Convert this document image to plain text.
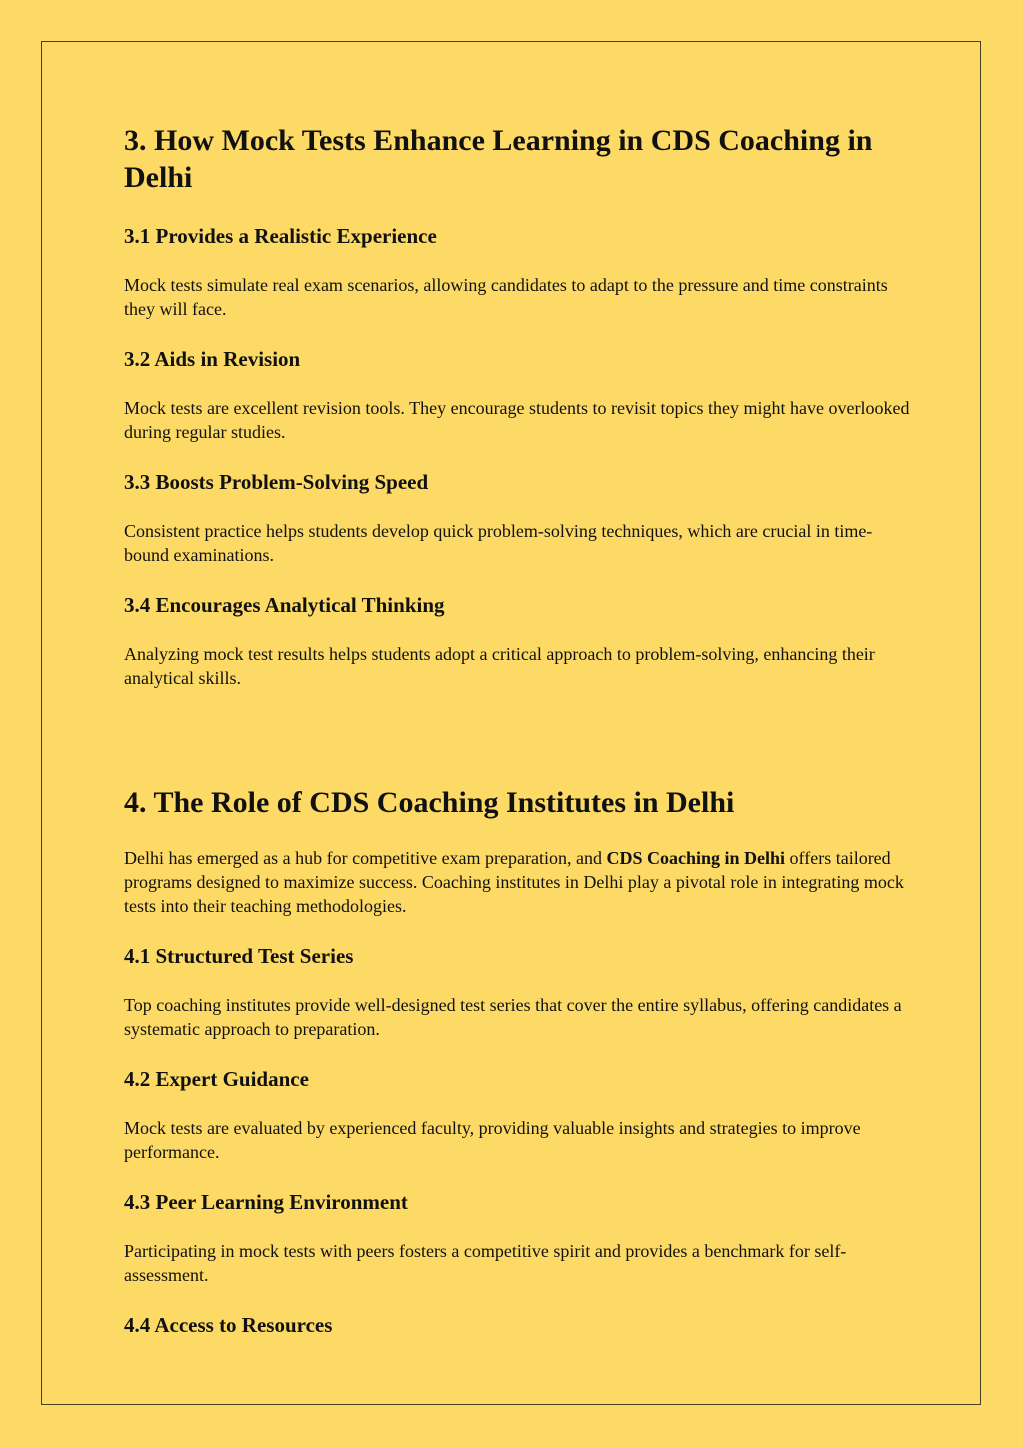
3. How Mock Tests Enhance Learning in CDS Coaching in Delhi
3.1 Provides a Realistic Experience

Mock tests simulate real exam scenarios, allowing candidates to adapt to the pressure and time constraints they will face.

3.2 Aids in Revision

Mock tests are excellent revision tools. They encourage students to revisit topics they might have overlooked during regular studies.

3.3 Boosts Problem-Solving Speed

Consistent practice helps students develop quick problem-solving techniques, which are crucial in time-bound examinations.

3.4 Encourages Analytical Thinking

Analyzing mock test results helps students adopt a critical approach to problem-solving, enhancing their analytical skills.

4. The Role of CDS Coaching Institutes in Delhi

Delhi has emerged as a hub for competitive exam preparation, and CDS Coaching in Delhi offers tailored programs designed to maximize success. Coaching institutes in Delhi play a pivotal role in integrating mock tests into their teaching methodologies.

4.1 Structured Test Series

Top coaching institutes provide well-designed test series that cover the entire syllabus, offering candidates a systematic approach to preparation.

4.2 Expert Guidance

Mock tests are evaluated by experienced faculty, providing valuable insights and strategies to improve performance.

4.3 Peer Learning Environment

Participating in mock tests with peers fosters a competitive spirit and provides a benchmark for self-assessment.

4.4 Access to Resources
